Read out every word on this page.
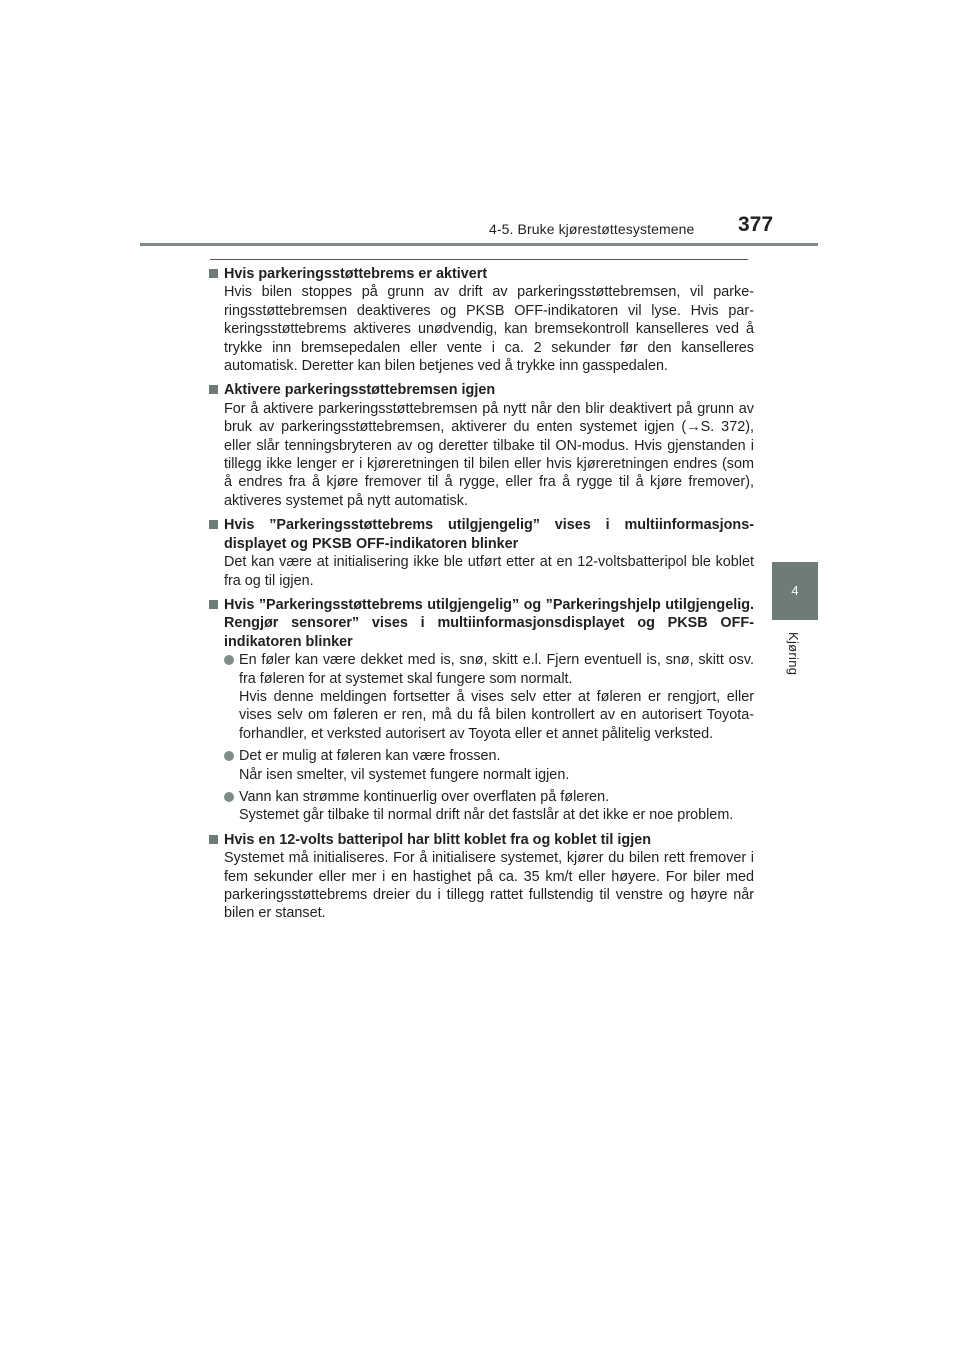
4-5. Bruke kjørestøttesystemene 377
4
Kjøring
Hvis parkeringsstøttebrems er aktivert
Hvis bilen stoppes på grunn av drift av parkeringsstøttebremsen, vil parkeringsstøttebremsen deaktiveres og PKSB OFF-indikatoren vil lyse. Hvis parkeringsstøttebrems aktiveres unødvendig, kan bremsekontroll kanselleres ved å trykke inn bremsepedalen eller vente i ca. 2 sekunder før den kanselleres automatisk. Deretter kan bilen betjenes ved å trykke inn gasspedalen.
Aktivere parkeringsstøttebremsen igjen
For å aktivere parkeringsstøttebremsen på nytt når den blir deaktivert på grunn av bruk av parkeringsstøttebremsen, aktiverer du enten systemet igjen (→S. 372), eller slår tenningsbryteren av og deretter tilbake til ON-modus. Hvis gjenstanden i tillegg ikke lenger er i kjøreretningen til bilen eller hvis kjøreretningen endres (som å endres fra å kjøre fremover til å rygge, eller fra å rygge til å kjøre fremover), aktiveres systemet på nytt automatisk.
Hvis ”Parkeringsstøttebrems utilgjengelig” vises i multiinformasjonsdisplayet og PKSB OFF-indikatoren blinker
Det kan være at initialisering ikke ble utført etter at en 12-voltsbatteripol ble koblet fra og til igjen.
Hvis ”Parkeringsstøttebrems utilgjengelig” og ”Parkeringshjelp utilgjengelig. Rengjør sensorer” vises i multiinformasjonsdisplayet og PKSB OFF-indikatoren blinker
En føler kan være dekket med is, snø, skitt e.l. Fjern eventuell is, snø, skitt osv. fra føleren for at systemet skal fungere som normalt.
Hvis denne meldingen fortsetter å vises selv etter at føleren er rengjort, eller vises selv om føleren er ren, må du få bilen kontrollert av en autorisert Toyota-forhandler, et verksted autorisert av Toyota eller et annet pålitelig verksted.
Det er mulig at føleren kan være frossen.
Når isen smelter, vil systemet fungere normalt igjen.
Vann kan strømme kontinuerlig over overflaten på føleren.
Systemet går tilbake til normal drift når det fastslår at det ikke er noe problem.
Hvis en 12-volts batteripol har blitt koblet fra og koblet til igjen
Systemet må initialiseres. For å initialisere systemet, kjører du bilen rett fremover i fem sekunder eller mer i en hastighet på ca. 35 km/t eller høyere. For biler med parkeringsstøttebrems dreier du i tillegg rattet fullstendig til venstre og høyre når bilen er stanset.
